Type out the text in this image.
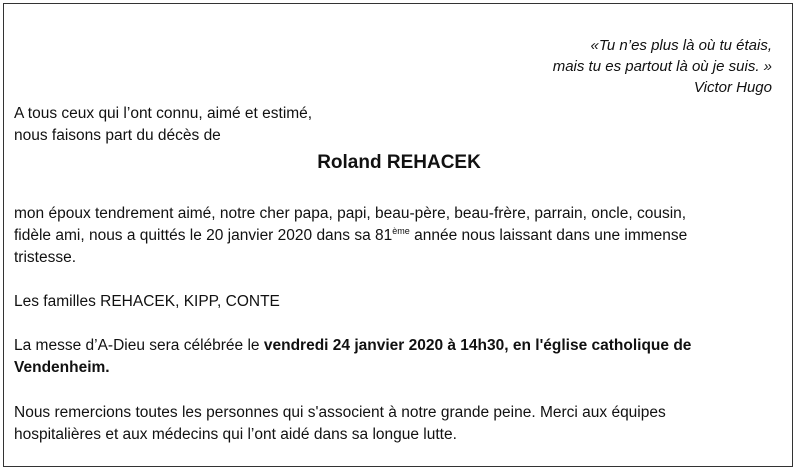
«Tu n’es plus là où tu étais,
mais tu es partout là où je suis. »
Victor Hugo
A tous ceux qui l’ont connu, aimé et estimé,
nous faisons part du décès de
Roland REHACEK
mon époux tendrement aimé, notre cher papa, papi, beau-père, beau-frère, parrain, oncle, cousin,
fidèle ami, nous a quittés le 20 janvier 2020 dans sa 81ème année nous laissant dans une immense
tristesse.
Les familles REHACEK, KIPP, CONTE
La messe d’A-Dieu sera célébrée le vendredi 24 janvier 2020 à 14h30, en l'église catholique de
Vendenheim.
Nous remercions toutes les personnes qui s'associent à notre grande peine. Merci aux équipes
hospitalières et aux médecins qui l’ont aidé dans sa longue lutte.
